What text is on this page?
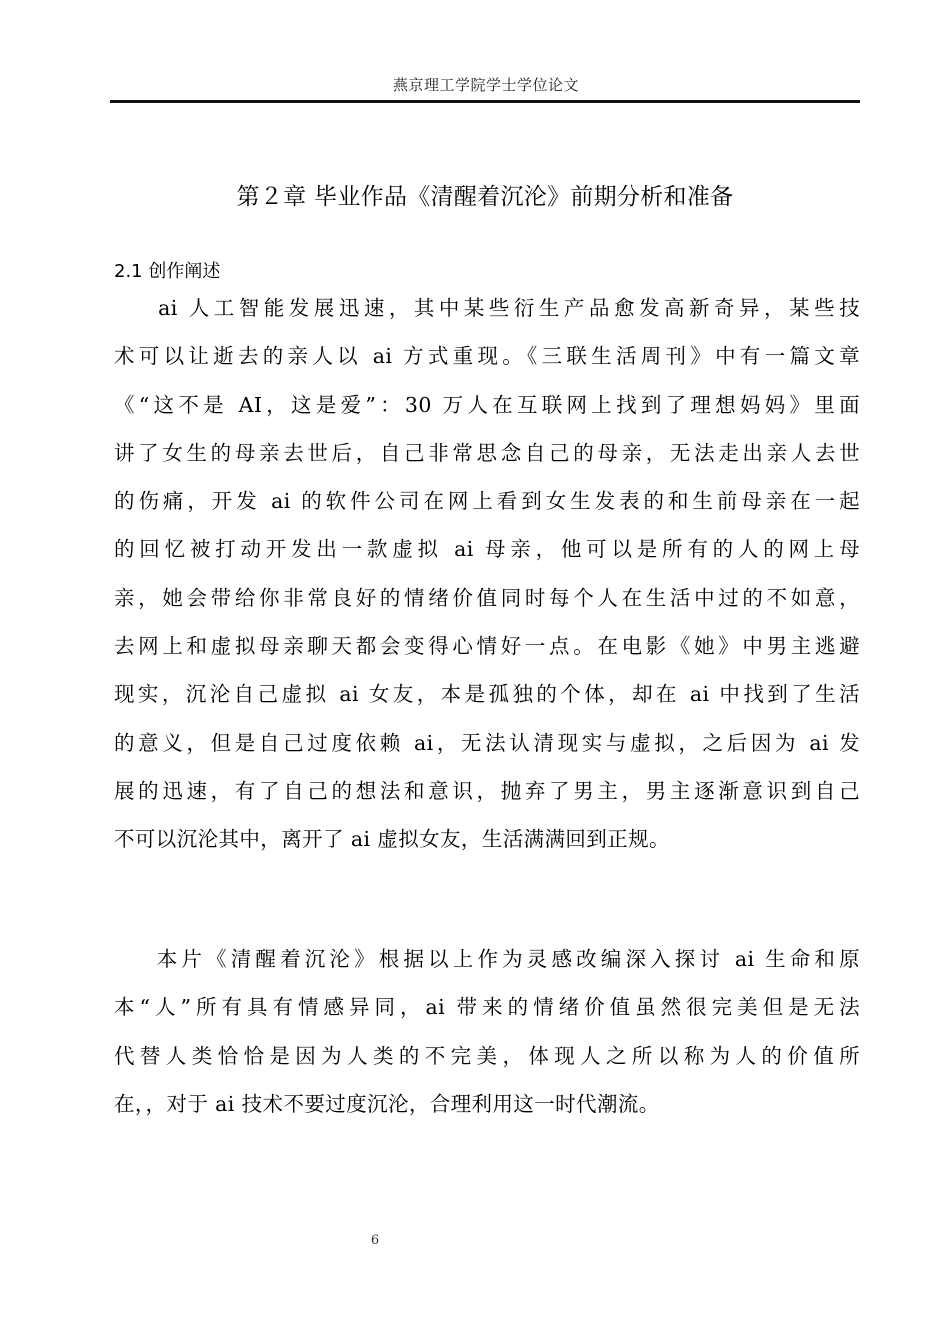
燕京理工学院学士学位论文
第２章 毕业作品《清醒着沉沦》前期分析和准备
2.1 创作阐述
ai 人工智能发展迅速，其中某些衍生产品愈发高新奇异，某些技
术可以让逝去的亲人以 ai 方式重现。《三联生活周刊》中有一篇文章
《“这不是 AI，这是爱”：30 万人在互联网上找到了理想妈妈》里面
讲了女生的母亲去世后，自己非常思念自己的母亲，无法走出亲人去世
的伤痛，开发 ai 的软件公司在网上看到女生发表的和生前母亲在一起
的回忆被打动开发出一款虚拟 ai 母亲，他可以是所有的人的网上母
亲，她会带给你非常良好的情绪价值同时每个人在生活中过的不如意，
去网上和虚拟母亲聊天都会变得心情好一点。在电影《她》中男主逃避
现实，沉沦自己虚拟 ai 女友，本是孤独的个体，却在 ai 中找到了生活
的意义，但是自己过度依赖 ai，无法认清现实与虚拟，之后因为 ai 发
展的迅速，有了自己的想法和意识，抛弃了男主，男主逐渐意识到自己
不可以沉沦其中，离开了 ai 虚拟女友，生活满满回到正规。
本片《清醒着沉沦》根据以上作为灵感改编深入探讨 ai 生命和原
本“人”所有具有情感异同，ai 带来的情绪价值虽然很完美但是无法
代替人类恰恰是因为人类的不完美，体现人之所以称为人的价值所
在，，对于 ai 技术不要过度沉沦，合理利用这一时代潮流。
6
